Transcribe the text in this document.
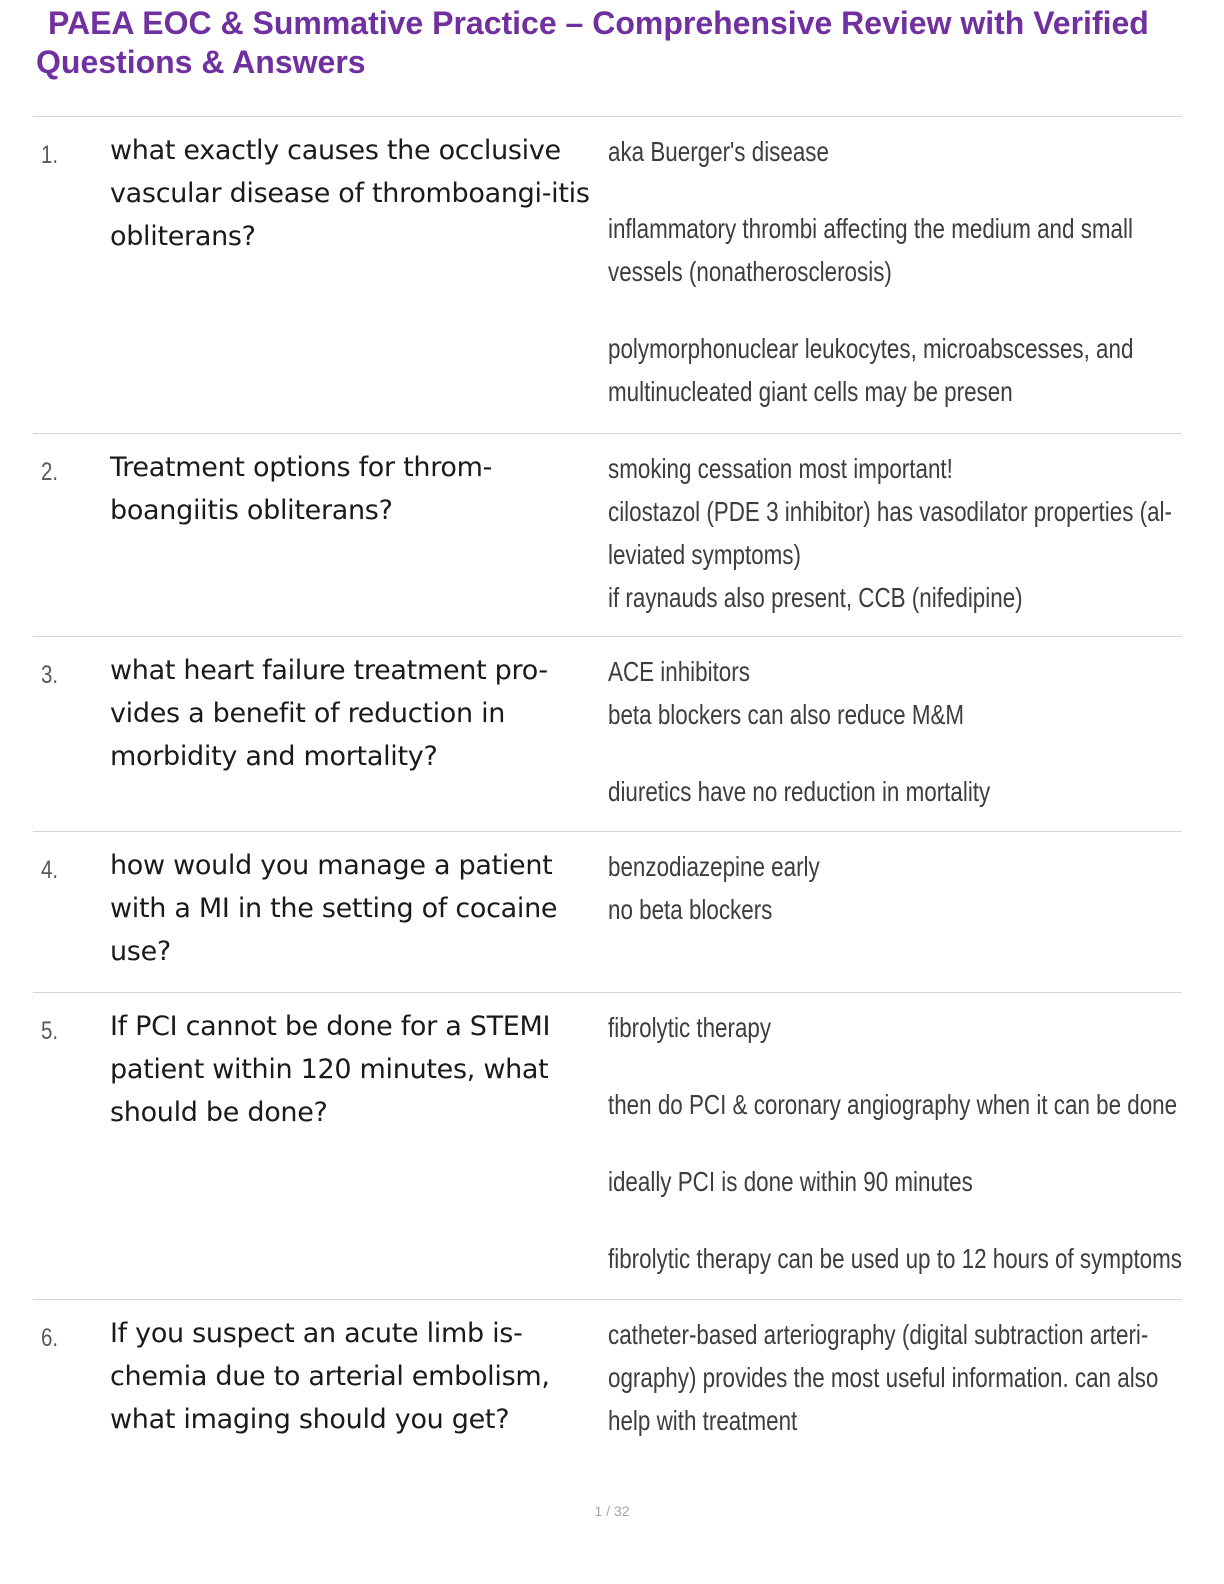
PAEA EOC & Summative Practice – Comprehensive Review with Verified Questions & Answers
1. what exactly causes the occlusive vascular disease of thromboangi-itis obliterans?
aka Buerger's disease
inflammatory thrombi affecting the medium and small
vessels (nonatherosclerosis)
polymorphonuclear leukocytes, microabscesses, and
multinucleated giant cells may be presen
2. Treatment options for throm-boangiitis obliterans?
smoking cessation most important!
cilostazol (PDE 3 inhibitor) has vasodilator properties (al-
leviated symptoms)
if raynauds also present, CCB (nifedipine)
3. what heart failure treatment pro-vides a benefit of reduction in morbidity and mortality?
ACE inhibitors
beta blockers can also reduce M&M
diuretics have no reduction in mortality
4. how would you manage a patient with a MI in the setting of cocaine use?
benzodiazepine early
no beta blockers
5. If PCI cannot be done for a STEMI patient within 120 minutes, what should be done?
fibrolytic therapy
then do PCI & coronary angiography when it can be done
ideally PCI is done within 90 minutes
fibrolytic therapy can be used up to 12 hours of symptoms
6. If you suspect an acute limb is-chemia due to arterial embolism, what imaging should you get?
catheter-based arteriography (digital subtraction arteri-
ography) provides the most useful information. can also
help with treatment
1 / 32
